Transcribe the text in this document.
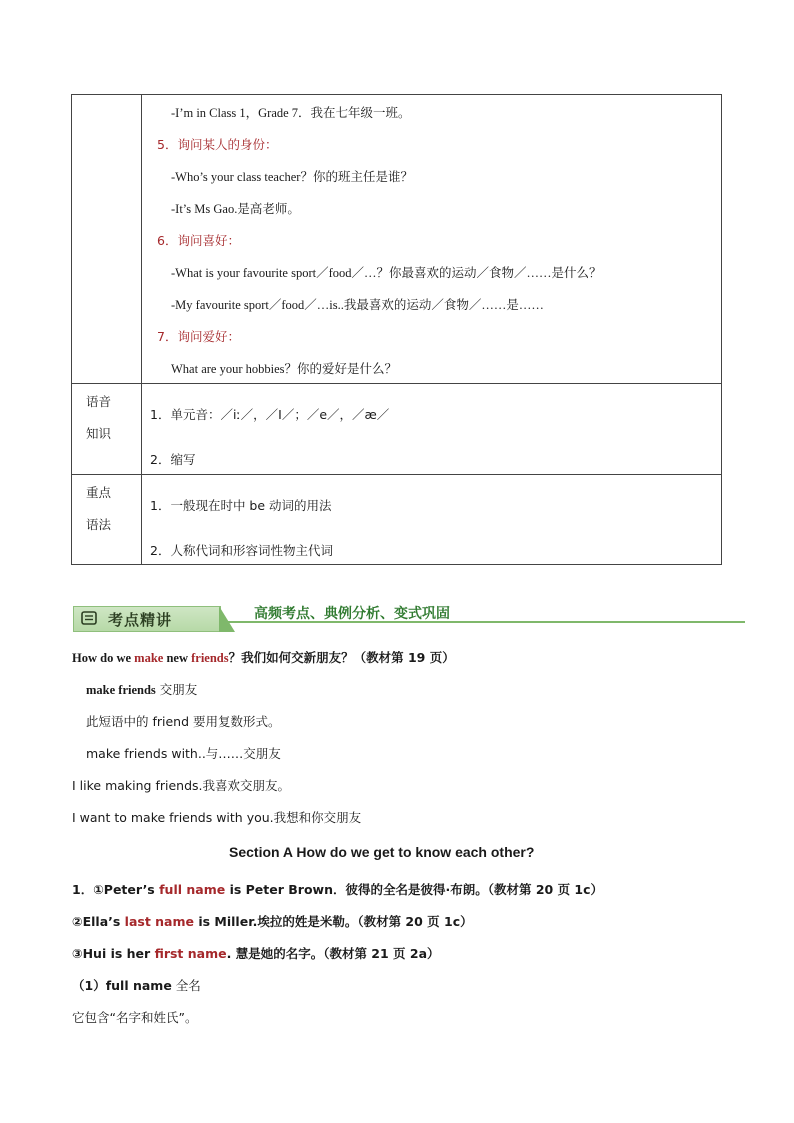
-I’m in Class 1，Grade 7．我在七年级一班。
5．询问某人的身份：
-Who’s your class teacher？你的班主任是谁？
-It’s Ms Gao.是高老师。
6．询问喜好：
-What is your favourite sport／food／…？你最喜欢的运动／食物／……是什么？
-My favourite sport／food／…is..我最喜欢的运动／食物／……是……
7．询问爱好：
What are your hobbies？你的爱好是什么？
语音
知识
1．单元音：／iː／，／I／；／e／，／æ／
2．缩写
重点
语法
1．一般现在时中 be 动词的用法
2．人称代词和形容词性物主代词
考点精讲	高频考点、典例分析、变式巩固
How do we make new friends？我们如何交新朋友？（教材第 19 页）
make friends 交朋友
此短语中的 friend 要用复数形式。
make friends with..与……交朋友
I like making friends.我喜欢交朋友。
I want to make friends with you.我想和你交朋友
Section A How do we get to know each other?
1．①Peter’s full name is Peter Brown．彼得的全名是彼得·布朗。（教材第 20 页 1c）
②Ella’s last name is Miller.埃拉的姓是米勒。（教材第 20 页 1c）
③Hui is her first name. 慧是她的名字。（教材第 21 页 2a）
（1）full name 全名
它包含“名字和姓氏”。
